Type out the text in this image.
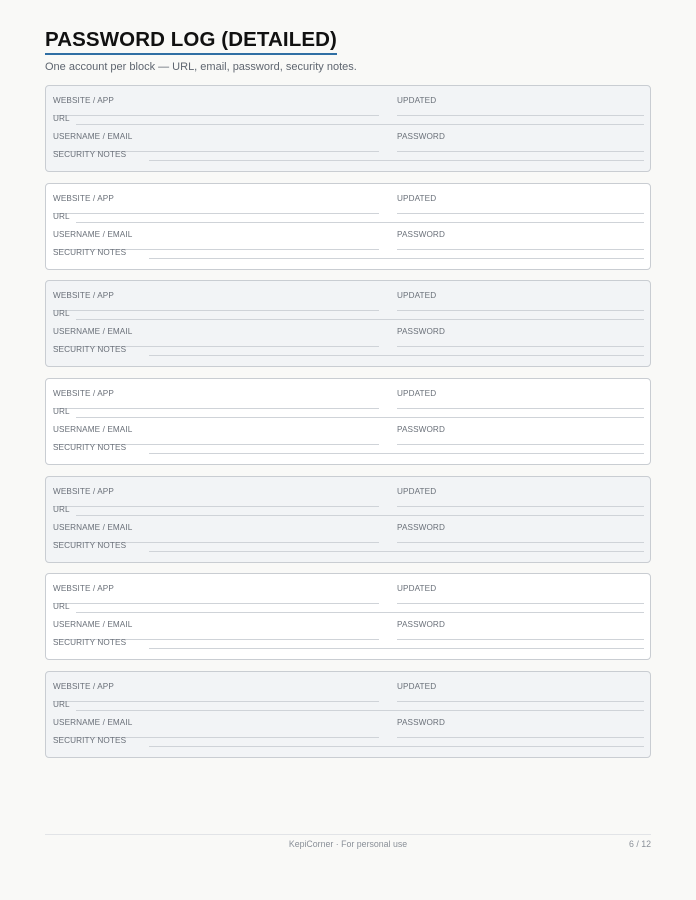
PASSWORD LOG (DETAILED)
One account per block — URL, email, password, security notes.
WEBSITE / APP	UPDATED
URL
USERNAME / EMAIL	PASSWORD
SECURITY NOTES
WEBSITE / APP	UPDATED
URL
USERNAME / EMAIL	PASSWORD
SECURITY NOTES
WEBSITE / APP	UPDATED
URL
USERNAME / EMAIL	PASSWORD
SECURITY NOTES
WEBSITE / APP	UPDATED
URL
USERNAME / EMAIL	PASSWORD
SECURITY NOTES
WEBSITE / APP	UPDATED
URL
USERNAME / EMAIL	PASSWORD
SECURITY NOTES
WEBSITE / APP	UPDATED
URL
USERNAME / EMAIL	PASSWORD
SECURITY NOTES
WEBSITE / APP	UPDATED
URL
USERNAME / EMAIL	PASSWORD
SECURITY NOTES
KepiCorner · For personal use	6 / 12
